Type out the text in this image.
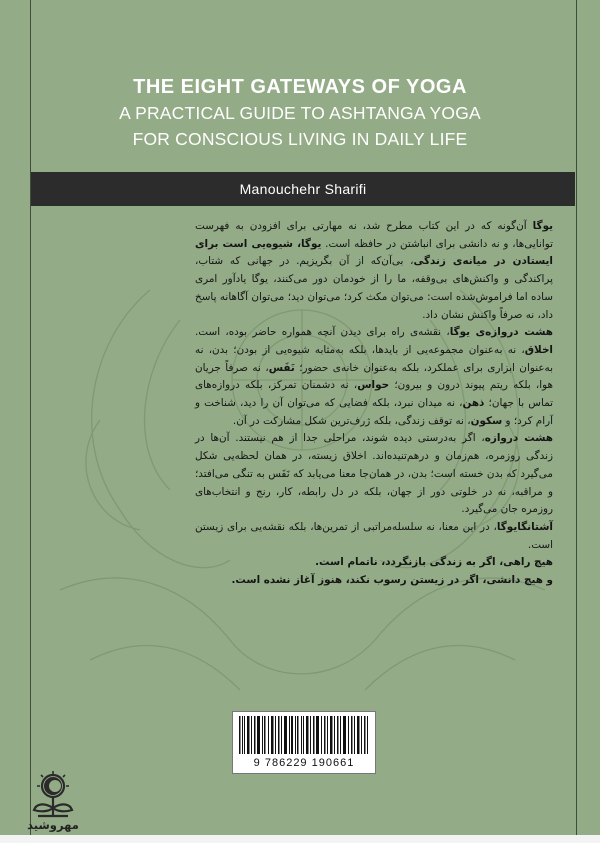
THE EIGHT GATEWAYS OF YOGA

A PRACTICAL GUIDE TO ASHTANGA YOGA

FOR CONSCIOUS LIVING IN DAILY LIFE

Manouchehr Sharifi

یوگا آن‌گونه که در این کتاب مطرح شد، نه مهارتی برای افزودن به فهرست توانایی‌ها، و نه دانشی برای انباشتن در حافظه است. یوگا، شیوه‌یی است برای ایستادن در میانه‌ی زندگی، بی‌آن‌که از آن بگریزیم. در جهانی که شتاب، پراکندگی و واکنش‌های بی‌وقفه، ما را از خودمان دور می‌کنند، یوگا یادآور امری ساده اما فراموش‌شده است: می‌توان مکث کرد؛ می‌توان دید؛ می‌توان آگاهانه پاسخ داد، نه صرفاً واکنش نشان داد.

هشت دروازه‌ی یوگا، نقشه‌ی راه برای دیدن آنچه همواره حاضر بوده، است. اخلاق، نه به‌عنوان مجموعه‌یی از بایدها، بلکه به‌مثابه شیوه‌یی از بودن؛ بدن، نه به‌عنوان ابزاری برای عملکرد، بلکه به‌عنوان خانه‌ی حضور؛ نَفَس، نه صرفاً جریان هوا، بلکه ریتم پیوند درون و بیرون؛ حواس، نه دشمنان تمرکز، بلکه دروازه‌های تماس با جهان؛ ذهن، نه میدان نبرد، بلکه فضایی که می‌توان آن را دید، شناخت و آرام کرد؛ و سکون، نه توقف زندگی، بلکه ژرف‌ترین شکل مشارکت در آن.

هشت دروازه، اگر به‌درستی دیده شوند، مراحلی جدا از هم نیستند. آن‌ها در زندگی روزمره، هم‌زمان و درهم‌تنیده‌اند. اخلاق زیسته، در همان لحظه‌یی شکل می‌گیرد که بدن خسته است؛ بدن، در همان‌جا معنا می‌یابد که نَفَس به تنگی می‌افتد؛ و مراقبه، نه در خلوتی دور از جهان، بلکه در دل رابطه، کار، رنج و انتخاب‌های روزمره جان می‌گیرد.

آشتانگایوگا، در این معنا، نه سلسله‌مراتبی از تمرین‌ها، بلکه نقشه‌یی برای زیستن است.

هیچ راهی، اگر به زندگی بازنگردد، ناتمام است.

و هیچ دانشی، اگر در زیستن رسوب نکند، هنوز آغاز نشده است.

9 786229 190661
مهروشید
